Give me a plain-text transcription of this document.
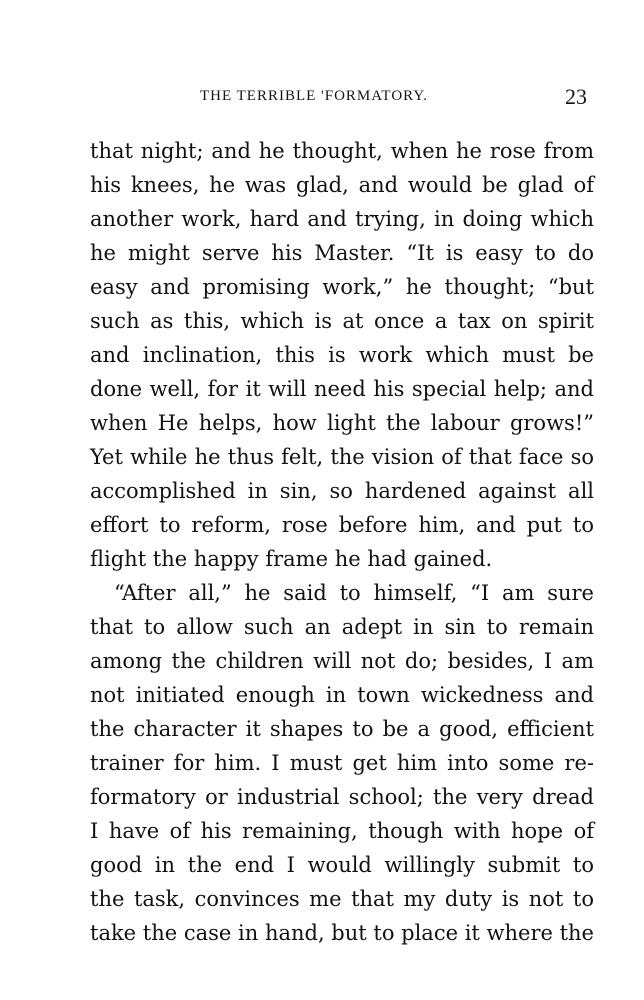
THE TERRIBLE 'FORMATORY.	23
that night; and he thought, when he rose from
his knees, he was glad, and would be glad of
another work, hard and trying, in doing which
he might serve his Master. “It is easy to do
easy and promising work,” he thought; “but
such as this, which is at once a tax on spirit
and inclination, this is work which must be
done well, for it will need his special help; and
when He helps, how light the labour grows!”
Yet while he thus felt, the vision of that face so
accomplished in sin, so hardened against all
effort to reform, rose before him, and put to
flight the happy frame he had gained.
“After all,” he said to himself, “I am sure
that to allow such an adept in sin to remain
among the children will not do; besides, I am
not initiated enough in town wickedness and
the character it shapes to be a good, efficient
trainer for him. I must get him into some re-
formatory or industrial school; the very dread
I have of his remaining, though with hope of
good in the end I would willingly submit to
the task, convinces me that my duty is not to
take the case in hand, but to place it where the
